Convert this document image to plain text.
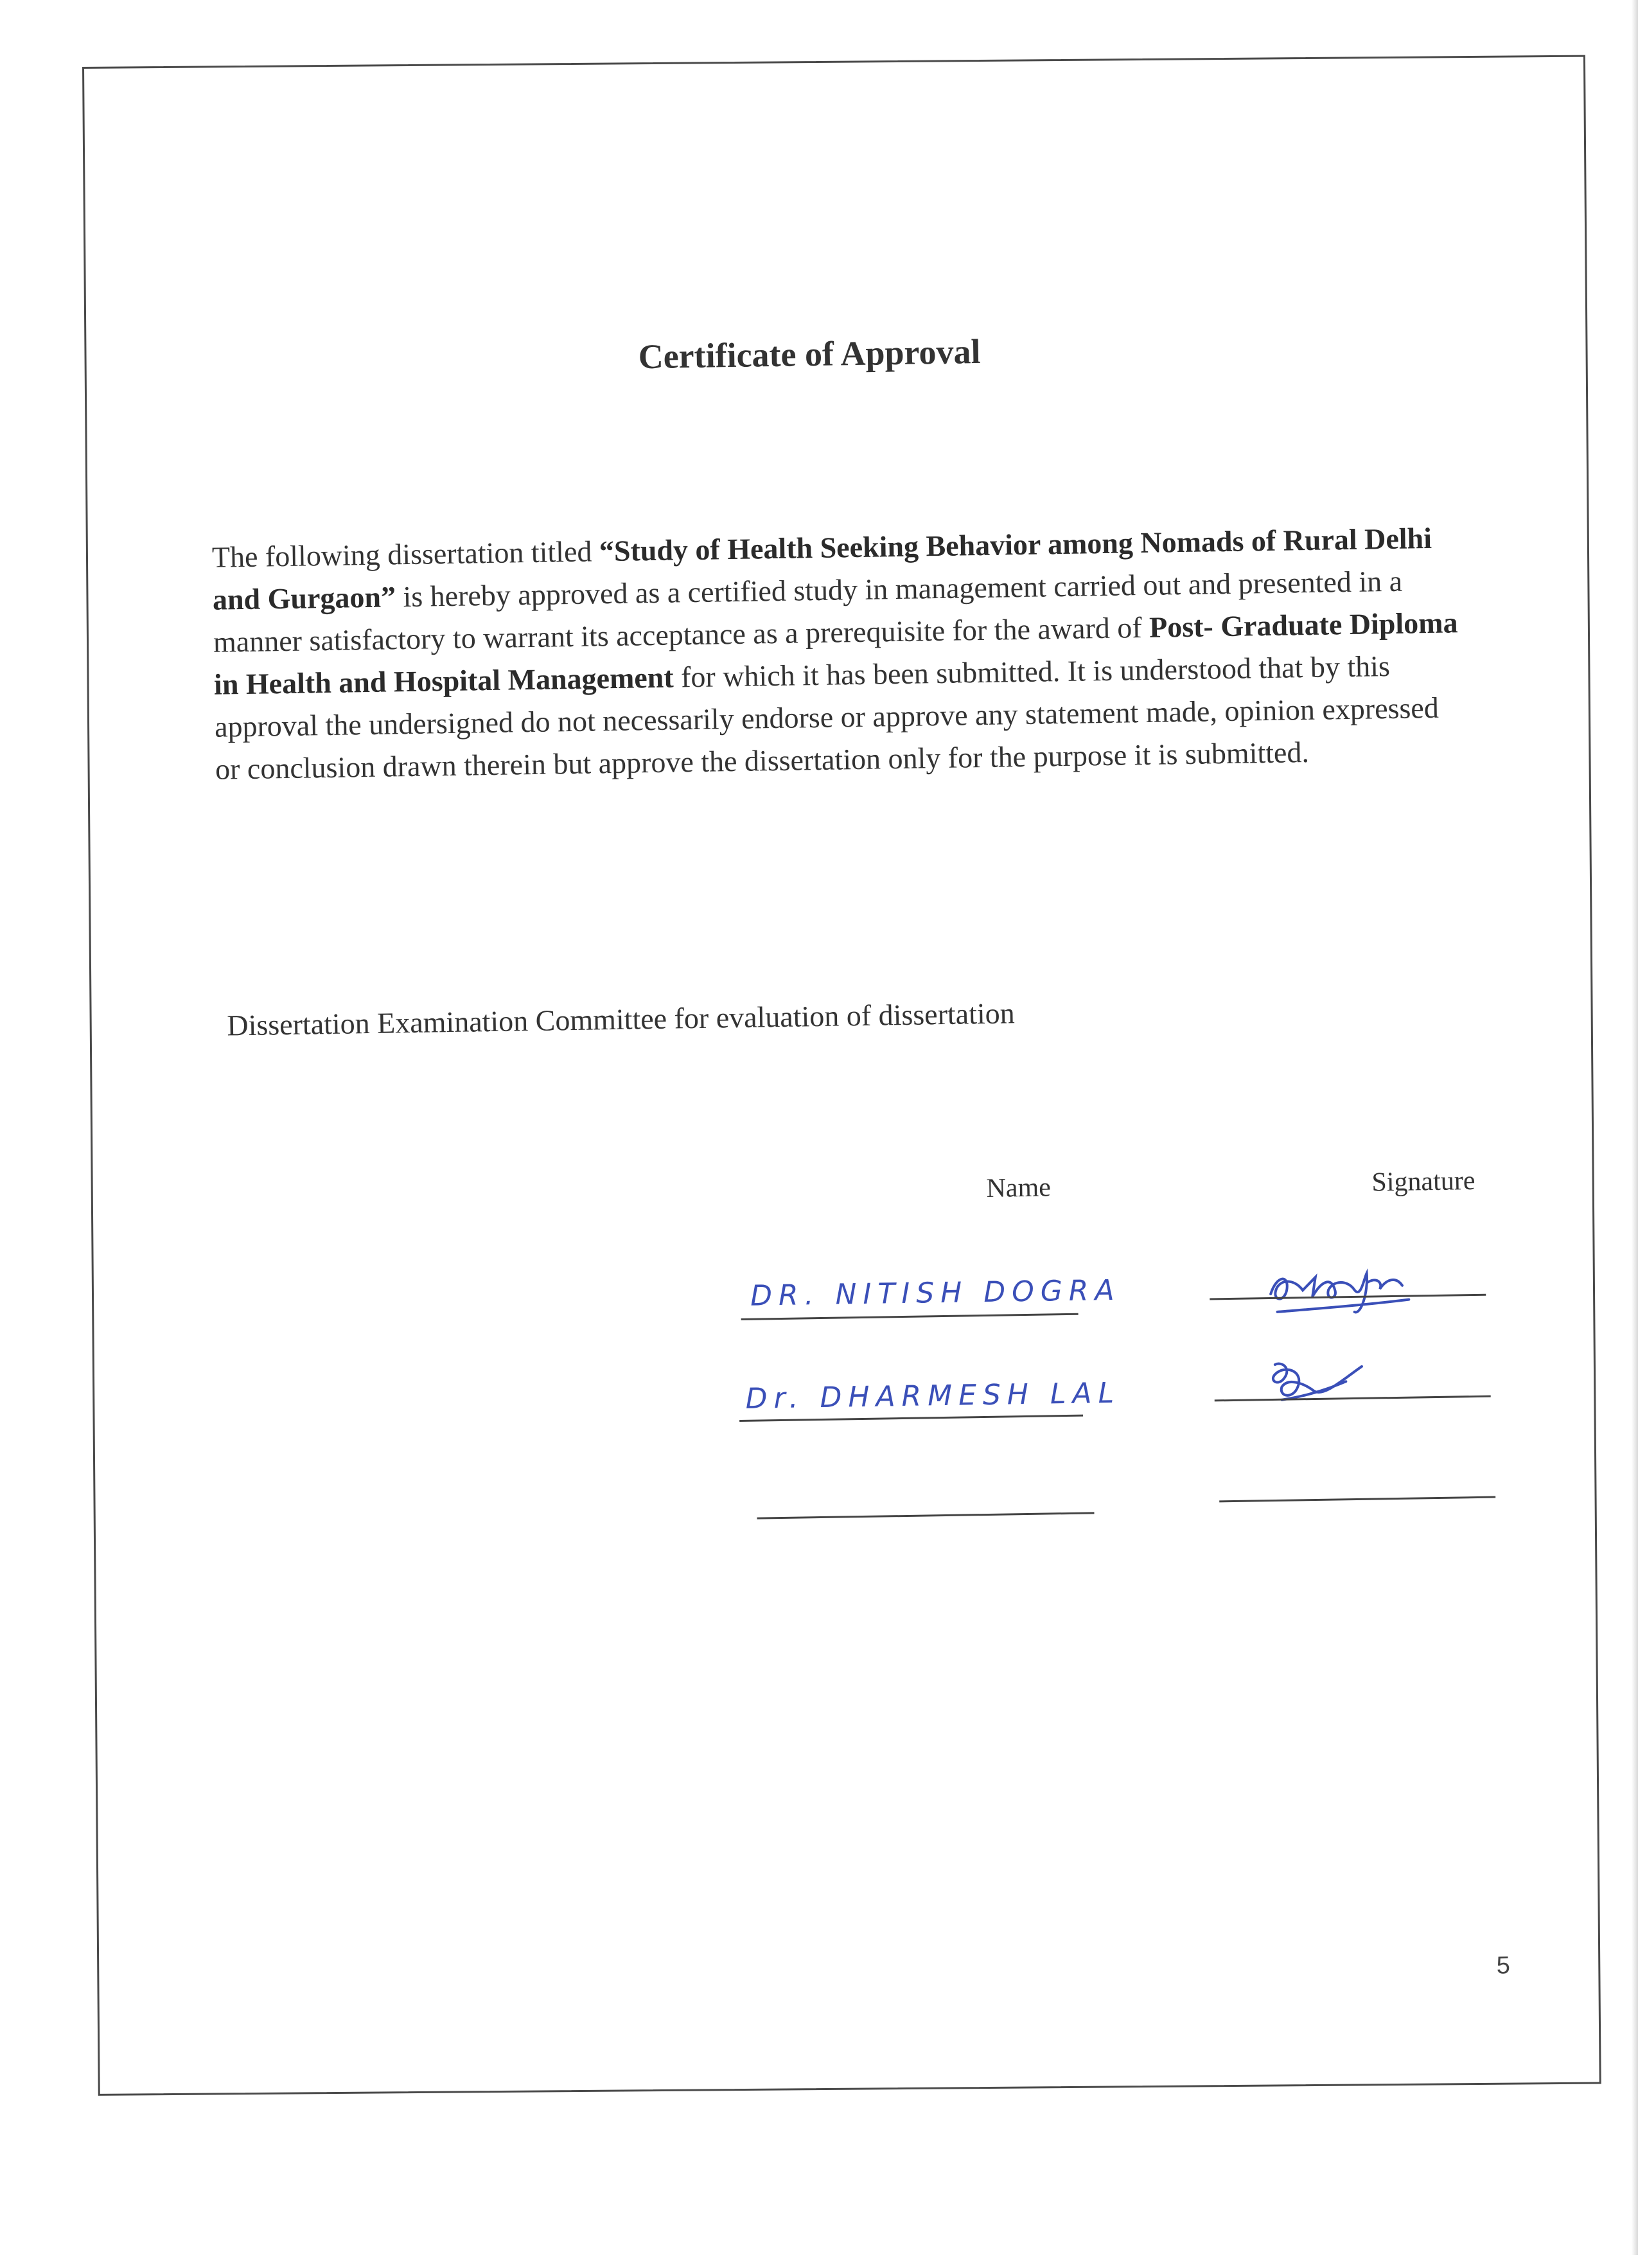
Certificate of Approval
The following dissertation titled “Study of Health Seeking Behavior among Nomads of Rural Delhi and Gurgaon” is hereby approved as a certified study in management carried out and presented in a manner satisfactory to warrant its acceptance as a prerequisite for the award of Post- Graduate Diploma in Health and Hospital Management for which it has been submitted. It is understood that by this approval the undersigned do not necessarily endorse or approve any statement made, opinion expressed or conclusion drawn therein but approve the dissertation only for the purpose it is submitted.
Dissertation Examination Committee for evaluation of dissertation
Name	Signature
DR. NITISH DOGRA
Dr. DHARMESH LAL
5
